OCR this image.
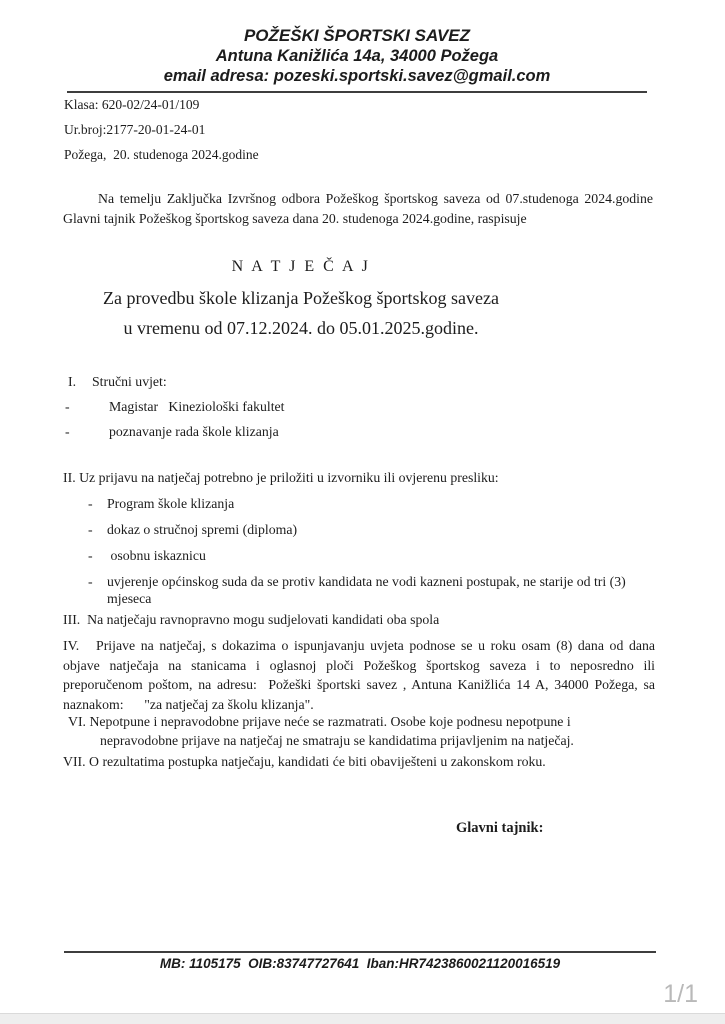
POŽEŠKI ŠPORTSKI SAVEZ
Antuna Kanižlića 14a, 34000 Požega
email adresa: pozeski.sportski.savez@gmail.com
Klasa: 620-02/24-01/109
Ur.broj:2177-20-01-24-01
Požega,  20. studenoga 2024.godine
Na temelju Zaključka Izvršnog odbora Požeškog športskog saveza od 07.studenoga 2024.godine Glavni tajnik Požeškog športskog saveza dana 20. studenoga 2024.godine, raspisuje
N A T J E Č A J
Za provedbu škole klizanja Požeškog športskog saveza
u vremenu od 07.12.2024. do 05.01.2025.godine.
I.	Stručni uvjet:
-	Magistar   Kineziološki fakultet
-	poznavanje rada škole klizanja
II. Uz prijavu na natječaj potrebno je priložiti u izvorniku ili ovjerenu presliku:
-	Program škole klizanja
-	dokaz o stručnoj spremi (diploma)
-	osobnu iskaznicu
-	uvjerenje općinskog suda da se protiv kandidata ne vodi kazneni postupak, ne starije od tri (3) mjeseca
III.  Na natječaju ravnopravno mogu sudjelovati kandidati oba spola
IV.   Prijave na natječaj, s dokazima o ispunjavanju uvjeta podnose se u roku osam (8) dana od dana  objave natječaja na stanicama i oglasnoj ploči Požeškog športskog saveza i to neposredno ili preporučenom poštom, na adresu:  Požeški športski savez , Antuna Kanižlića 14 A, 34000 Požega, sa naznakom:      "za natječaj za školu klizanja".
VI. Nepotpune i nepravodobne prijave neće se razmatrati. Osobe koje podnesu nepotpune i nepravodobne prijave na natječaj ne smatraju se kandidatima prijavljenim na natječaj.
VII. O rezultatima postupka natječaju, kandidati će biti obaviješteni u zakonskom roku.
Glavni tajnik:
MB: 1105175  OIB:83747727641  Iban:HR7423860021120016519
1/1
